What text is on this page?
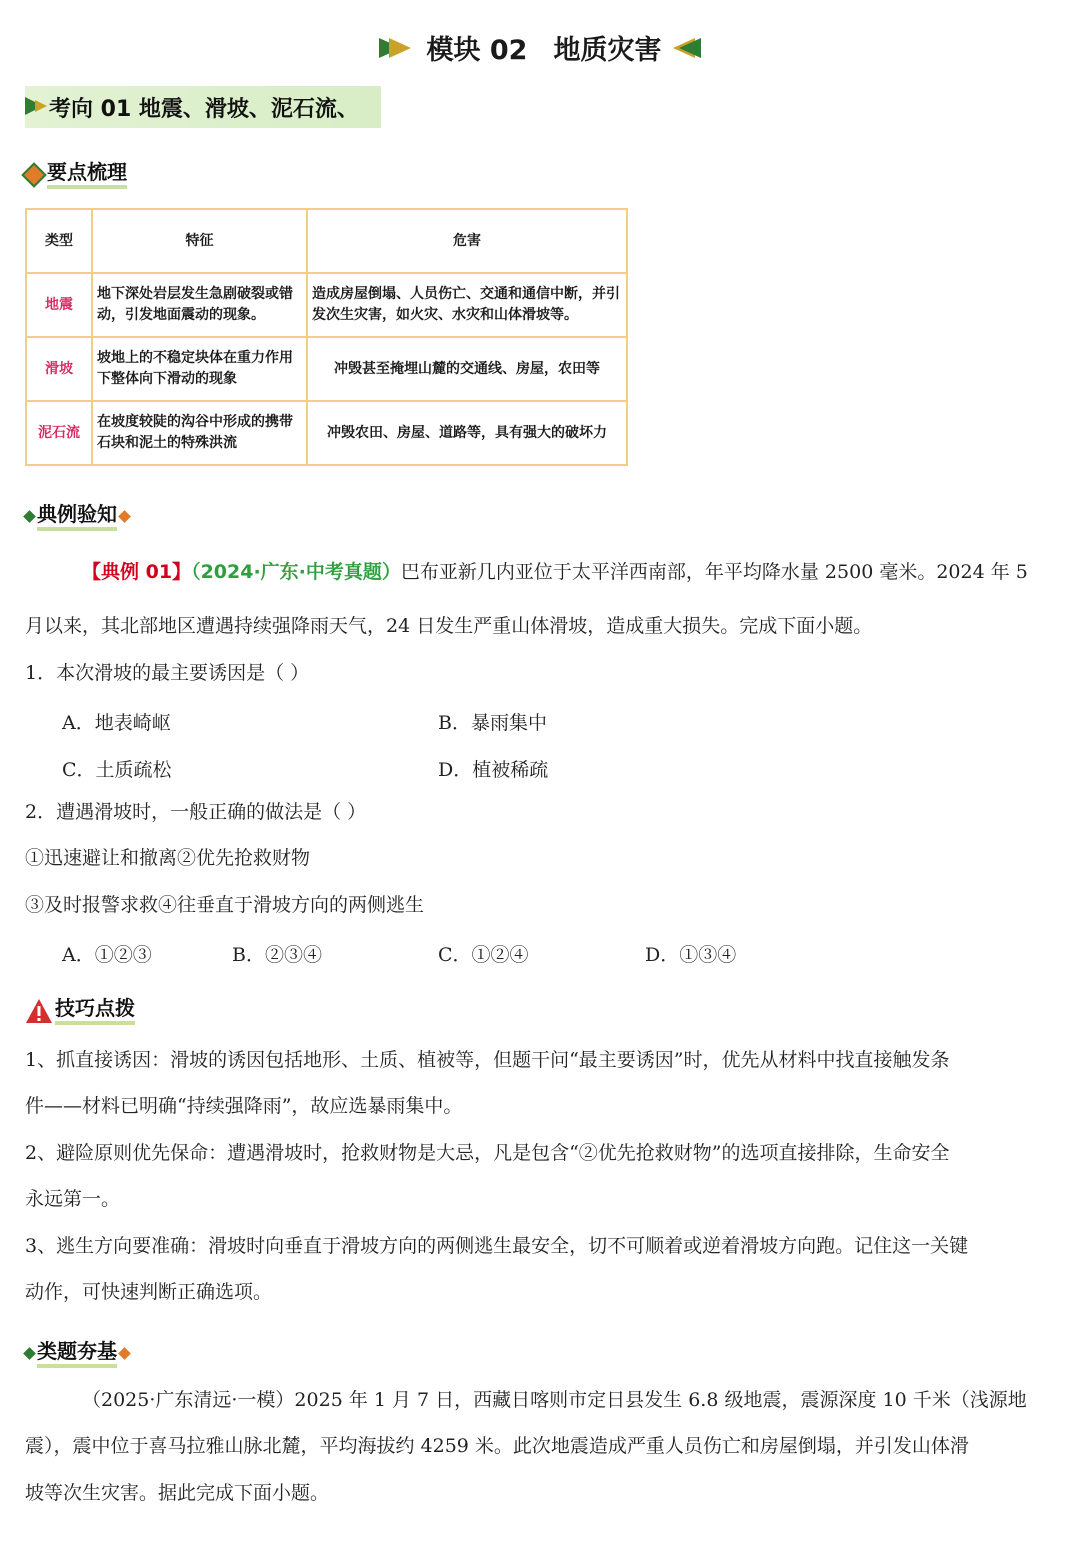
模块 02 地质灾害
考向 01 地震、滑坡、泥石流、
要点梳理
类型	特征	危害
地震	地下深处岩层发生急剧破裂或错动，引发地面震动的现象。	造成房屋倒塌、人员伤亡、交通和通信中断，并引发次生灾害，如火灾、水灾和山体滑坡等。
滑坡	坡地上的不稳定块体在重力作用下整体向下滑动的现象	冲毁甚至掩埋山麓的交通线、房屋，农田等
泥石流	在坡度较陡的沟谷中形成的携带石块和泥土的特殊洪流	冲毁农田、房屋、道路等，具有强大的破坏力
典例验知
【典例 01】（2024·广东·中考真题）巴布亚新几内亚位于太平洋西南部，年平均降水量 2500 毫米。2024 年 5
月以来，其北部地区遭遇持续强降雨天气，24 日发生严重山体滑坡，造成重大损失。完成下面小题。
1．本次滑坡的最主要诱因是（ ）
A．地表崎岖	B．暴雨集中
C．土质疏松	D．植被稀疏
2．遭遇滑坡时，一般正确的做法是（ ）
①迅速避让和撤离②优先抢救财物
③及时报警求救④往垂直于滑坡方向的两侧逃生
A．①②③	B．②③④	C．①②④	D．①③④
技巧点拨
1、抓直接诱因：滑坡的诱因包括地形、土质、植被等，但题干问“最主要诱因”时，优先从材料中找直接触发条
件——材料已明确“持续强降雨”，故应选暴雨集中。
2、避险原则优先保命：遭遇滑坡时，抢救财物是大忌，凡是包含“②优先抢救财物”的选项直接排除，生命安全
永远第一。
3、逃生方向要准确：滑坡时向垂直于滑坡方向的两侧逃生最安全，切不可顺着或逆着滑坡方向跑。记住这一关键
动作，可快速判断正确选项。
类题夯基
（2025·广东清远·一模）2025 年 1 月 7 日，西藏日喀则市定日县发生 6.8 级地震，震源深度 10 千米（浅源地
震），震中位于喜马拉雅山脉北麓，平均海拔约 4259 米。此次地震造成严重人员伤亡和房屋倒塌，并引发山体滑
坡等次生灾害。据此完成下面小题。
